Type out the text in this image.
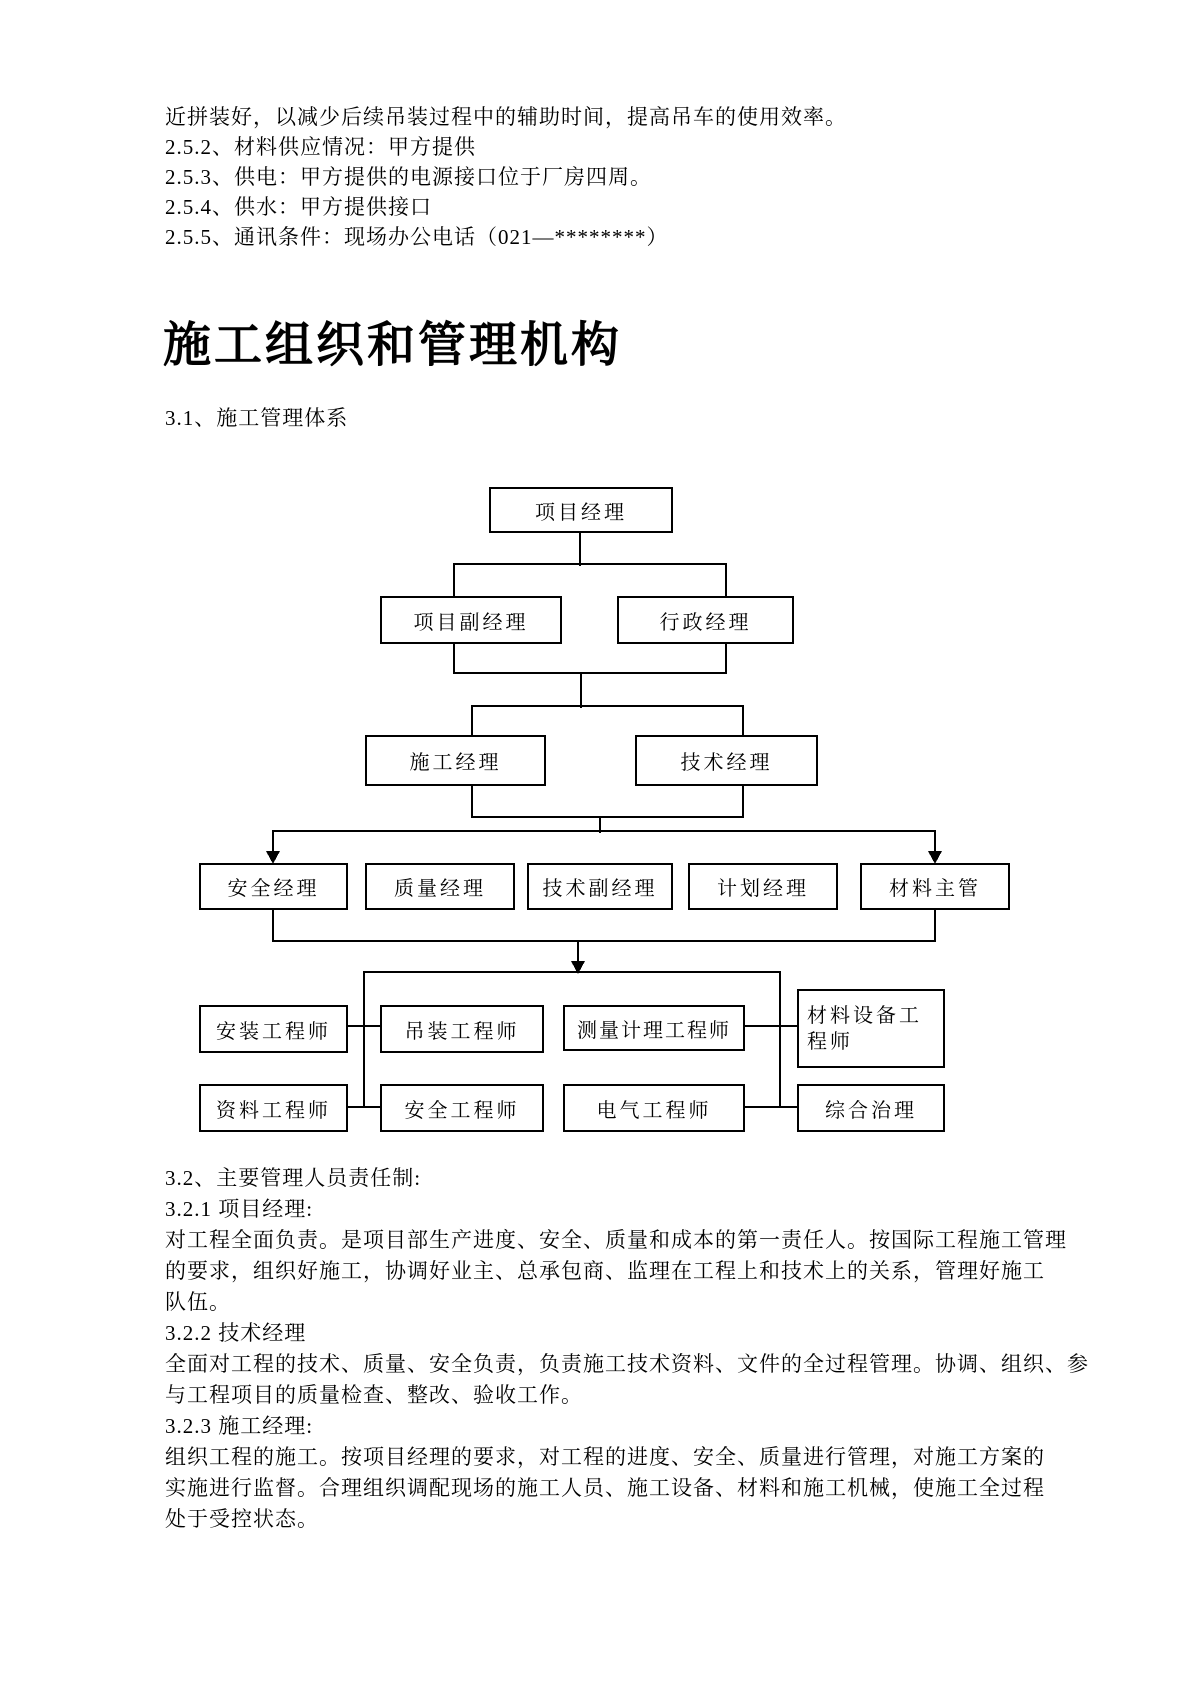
近拼装好，以减少后续吊装过程中的辅助时间，提高吊车的使用效率。
2.5.2、材料供应情况：甲方提供
2.5.3、供电：甲方提供的电源接口位于厂房四周。
2.5.4、供水：甲方提供接口
2.5.5、通讯条件：现场办公电话（021—********）
施工组织和管理机构
3.1、施工管理体系
项目经理
项目副经理	行政经理
施工经理	技术经理
安全经理	质量经理	技术副经理	计划经理	材料主管
安装工程师	吊装工程师	测量计理工程师
材料设备工程师
资料工程师	安全工程师	电气工程师	综合治理
3.2、主要管理人员责任制:
3.2.1 项目经理:
对工程全面负责。是项目部生产进度、安全、质量和成本的第一责任人。按国际工程施工管理
的要求，组织好施工，协调好业主、总承包商、监理在工程上和技术上的关系，管理好施工
队伍。
3.2.2 技术经理
全面对工程的技术、质量、安全负责，负责施工技术资料、文件的全过程管理。协调、组织、参
与工程项目的质量检查、整改、验收工作。
3.2.3 施工经理:
组织工程的施工。按项目经理的要求，对工程的进度、安全、质量进行管理，对施工方案的
实施进行监督。合理组织调配现场的施工人员、施工设备、材料和施工机械，使施工全过程
处于受控状态。
